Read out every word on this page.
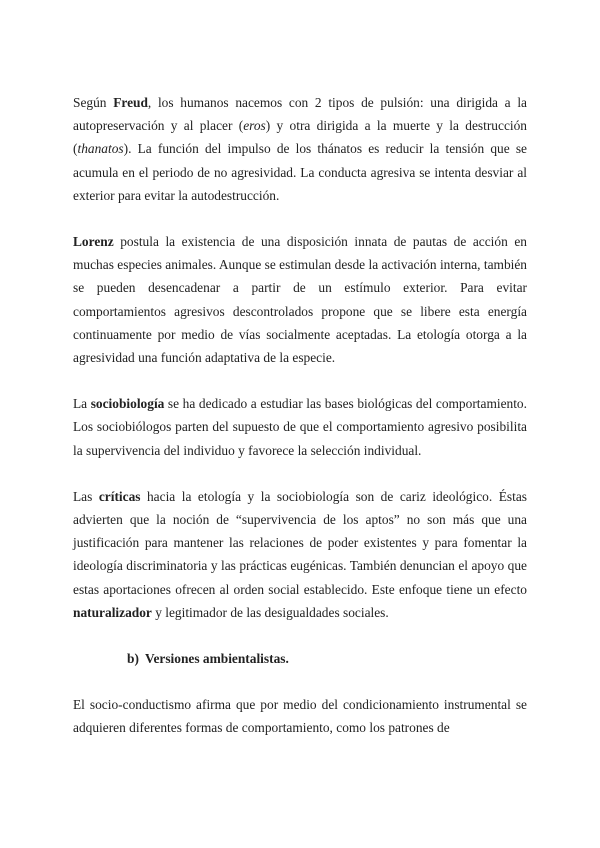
Según Freud, los humanos nacemos con 2 tipos de pulsión: una dirigida a la autopreservación y al placer (eros) y otra dirigida a la muerte y la destrucción (thanatos). La función del impulso de los thánatos es reducir la tensión que se acumula en el periodo de no agresividad. La conducta agresiva se intenta desviar al exterior para evitar la autodestrucción.

Lorenz postula la existencia de una disposición innata de pautas de acción en muchas especies animales. Aunque se estimulan desde la activación interna, también se pueden desencadenar a partir de un estímulo exterior. Para evitar comportamientos agresivos descontrolados propone que se libere esta energía continuamente por medio de vías socialmente aceptadas. La etología otorga a la agresividad una función adaptativa de la especie.

La sociobiología se ha dedicado a estudiar las bases biológicas del comportamiento. Los sociobiólogos parten del supuesto de que el comportamiento agresivo posibilita la supervivencia del individuo y favorece la selección individual.

Las críticas hacia la etología y la sociobiología son de cariz ideológico. Éstas advierten que la noción de “supervivencia de los aptos” no son más que una justificación para mantener las relaciones de poder existentes y para fomentar la ideología discriminatoria y las prácticas eugénicas. También denuncian el apoyo que estas aportaciones ofrecen al orden social establecido. Este enfoque tiene un efecto naturalizador y legitimador de las desigualdades sociales.

b) Versiones ambientalistas.

El socio-conductismo afirma que por medio del condicionamiento instrumental se adquieren diferentes formas de comportamiento, como los patrones de
